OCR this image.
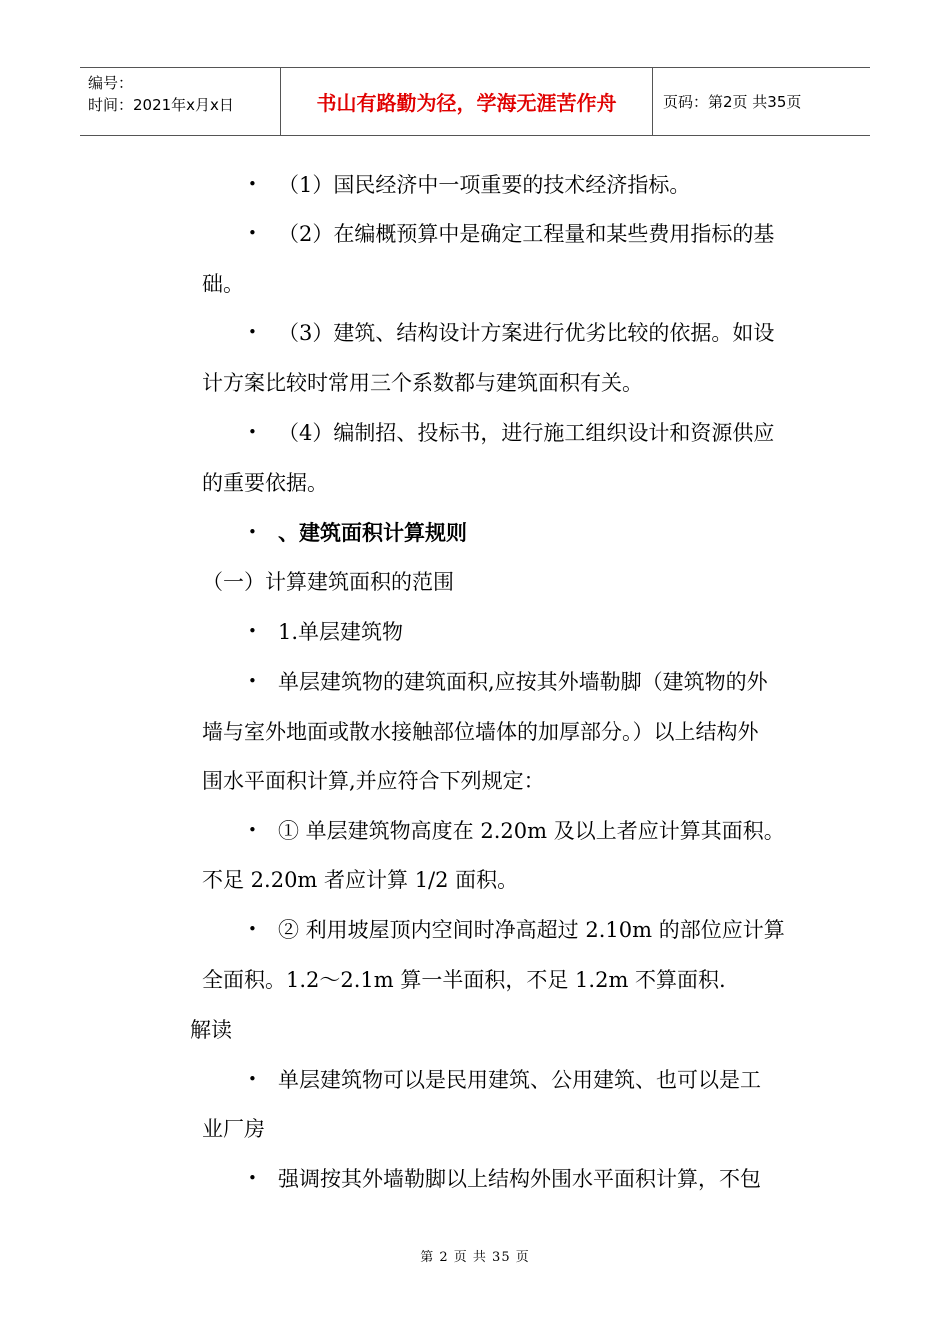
编号：
时间：2021年x月x日	书山有路勤为径，学海无涯苦作舟	页码：第2页 共35页
•
•
•
•
•
•
•
•
•
•
•
（1）国民经济中一项重要的技术经济指标。
（2）在编概预算中是确定工程量和某些费用指标的基
础。
（3）建筑、结构设计方案进行优劣比较的依据。如设
计方案比较时常用三个系数都与建筑面积有关。
（4）编制招、投标书，进行施工组织设计和资源供应
的重要依据。
、建筑面积计算规则
（一）计算建筑面积的范围
1.单层建筑物
单层建筑物的建筑面积,应按其外墙勒脚（建筑物的外
墙与室外地面或散水接触部位墙体的加厚部分。）以上结构外
围水平面积计算,并应符合下列规定：
① 单层建筑物高度在 2.20m 及以上者应计算其面积。
不足 2.20m 者应计算 1/2 面积。
② 利用坡屋顶内空间时净高超过 2.10m 的部位应计算
全面积。1.2～2.1m 算一半面积，不足 1.2m 不算面积.
解读
单层建筑物可以是民用建筑、公用建筑、也可以是工
业厂房
强调按其外墙勒脚以上结构外围水平面积计算，不包
第 2 页 共 35 页
